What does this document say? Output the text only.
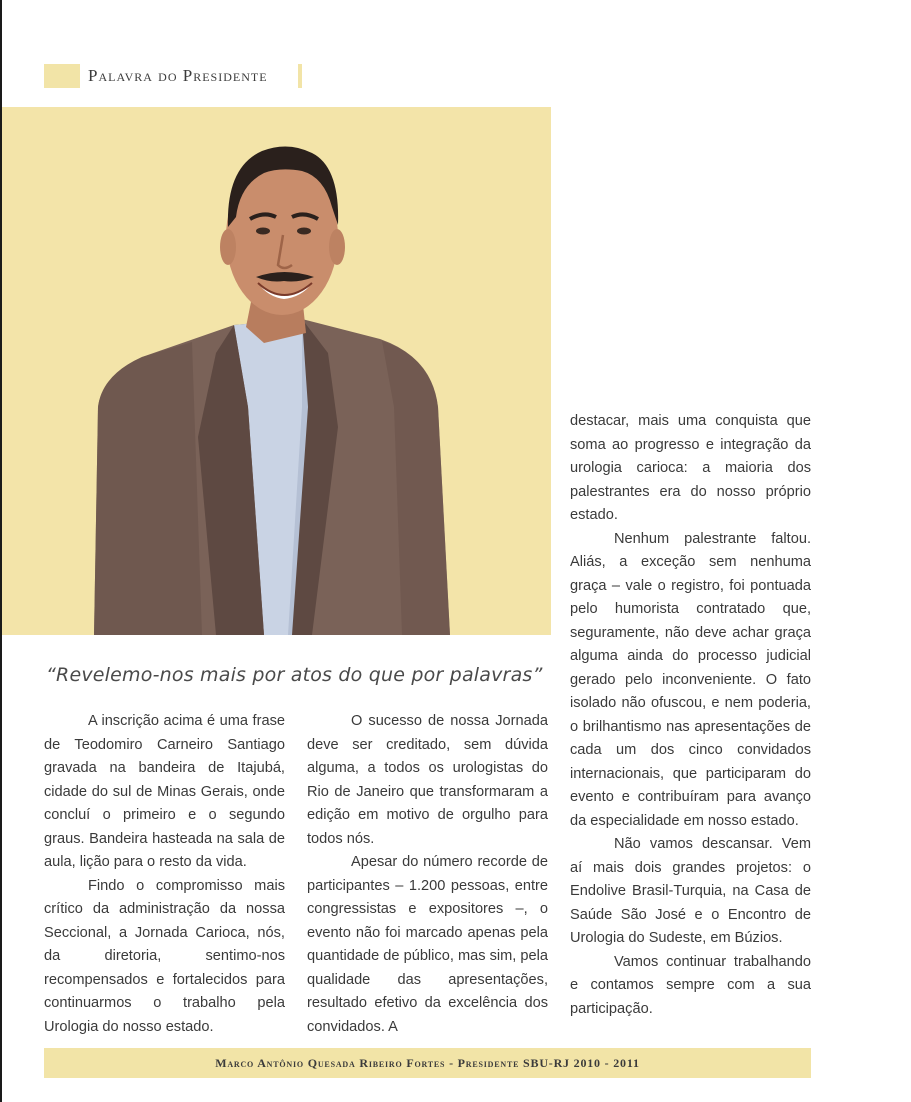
Palavra do Presidente
“Revelemo-nos mais por atos do que por palavras”

A inscrição acima é uma frase de Teodomiro Carneiro Santiago gravada na bandeira de Itajubá, cidade do sul de Minas Gerais, onde concluí o primeiro e o segundo graus. Bandeira hasteada na sala de aula, lição para o resto da vida.

Findo o compromisso mais crítico da administração da nossa Seccional, a Jornada Carioca, nós, da diretoria, sentimo-nos recompensados e fortalecidos para continuarmos o trabalho pela Urologia do nosso estado.

O sucesso de nossa Jornada deve ser creditado, sem dúvida alguma, a todos os urologistas do Rio de Janeiro que transformaram a edição em motivo de orgulho para todos nós.

Apesar do número recorde de participantes – 1.200 pessoas, entre congressistas e expositores –, o evento não foi marcado apenas pela quantidade de público, mas sim, pela qualidade das apresentações, resultado efetivo da excelência dos convidados. A

destacar, mais uma conquista que soma ao progresso e integração da urologia carioca: a maioria dos palestrantes era do nosso próprio estado.

Nenhum palestrante faltou. Aliás, a exceção sem nenhuma graça – vale o registro, foi pontuada pelo humorista contratado que, seguramente, não deve achar graça alguma ainda do processo judicial gerado pelo inconveniente. O fato isolado não ofuscou, e nem poderia, o brilhantismo nas apresentações de cada um dos cinco convidados internacionais, que participaram do evento e contribuíram para avanço da especialidade em nosso estado.

Não vamos descansar. Vem aí mais dois grandes projetos: o Endolive Brasil-Turquia, na Casa de Saúde São José e o Encontro de Urologia do Sudeste, em Búzios.

Vamos continuar trabalhando e contamos sempre com a sua participação.

Marco Antônio Quesada Ribeiro Fortes - Presidente SBU-RJ 2010 - 2011
